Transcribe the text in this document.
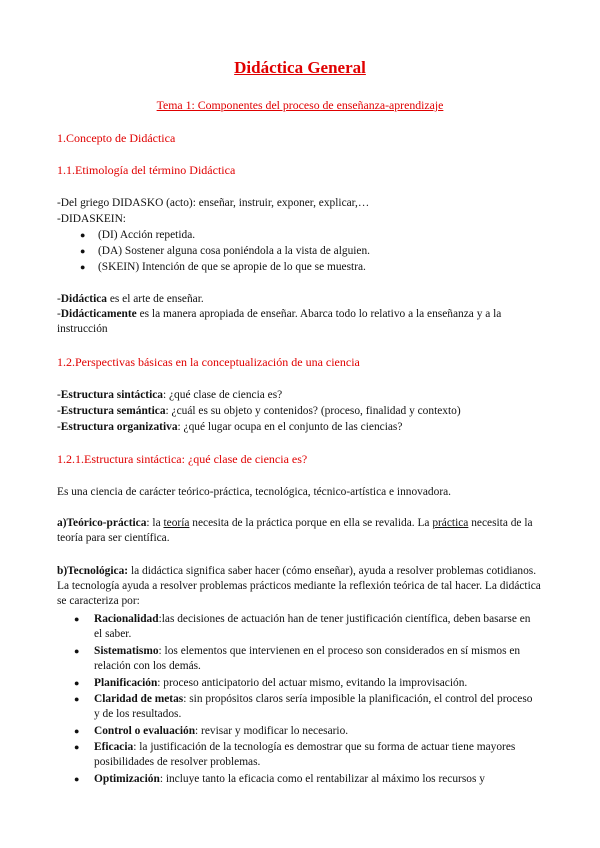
Didáctica General
Tema 1: Componentes del proceso de enseñanza-aprendizaje
1.Concepto de Didáctica
1.1.Etimología del término Didáctica
-Del griego DIDASKO (acto): enseñar, instruir, exponer, explicar,…
-DIDASKEIN:
●	(DI) Acción repetida.
●	(DA) Sostener alguna cosa poniéndola a la vista de alguien.
●	(SKEIN) Intención de que se apropie de lo que se muestra.
-Didáctica es el arte de enseñar.
-Didácticamente es la manera apropiada de enseñar. Abarca todo lo relativo a la enseñanza y a la instrucción
1.2.Perspectivas básicas en la conceptualización de una ciencia
-Estructura sintáctica: ¿qué clase de ciencia es?
-Estructura semántica: ¿cuál es su objeto y contenidos? (proceso, finalidad y contexto)
-Estructura organizativa: ¿qué lugar ocupa en el conjunto de las ciencias?
1.2.1.Estructura sintáctica: ¿qué clase de ciencia es?
Es una ciencia de carácter teórico-práctica, tecnológica, técnico-artística e innovadora.
a)Teórico-práctica: la teoría necesita de la práctica porque en ella se revalida. La práctica necesita de la teoría para ser científica.
b)Tecnológica: la didáctica significa saber hacer (cómo enseñar), ayuda a resolver problemas cotidianos. La tecnología ayuda a resolver problemas prácticos mediante la reflexión teórica de tal hacer. La didáctica se caracteriza por:
●	Racionalidad:las decisiones de actuación han de tener justificación científica, deben basarse en el saber.
●	Sistematismo: los elementos que intervienen en el proceso son considerados en sí mismos en relación con los demás.
●	Planificación: proceso anticipatorio del actuar mismo, evitando la improvisación.
●	Claridad de metas: sin propósitos claros sería imposible la planificación, el control del proceso y de los resultados.
●	Control o evaluación: revisar y modificar lo necesario.
●	Eficacia: la justificación de la tecnología es demostrar que su forma de actuar tiene mayores posibilidades de resolver problemas.
●	Optimización: incluye tanto la eficacia como el rentabilizar al máximo los recursos y
